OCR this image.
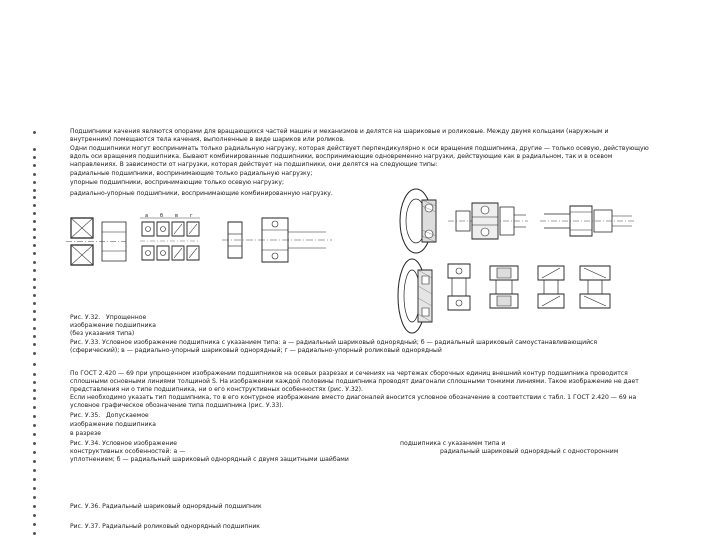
Подшипники качения являются опорами для вращающихся частей машин и механизмов и делятся на шариковые и роликовые. Между двумя кольцами (наружным и
внутренним) помещаются тела качения, выполненные в виде шариков или роликов.
Одни подшипники могут воспринимать только радиальную нагрузку, которая действует перпендикулярно к оси вращения подшипника, другие — только осевую, действующую
вдоль оси вращения подшипника. Бывают комбинированные подшипники, воспринимающие одновременно нагрузки, действующие как в радиальном, так и в осевом
направлениях. В зависимости от нагрузки, которая действует на подшипники, они делятся на следующие типы:
радиальные подшипники, воспринимающие только радиальную нагрузку;
упорные подшипники, воспринимающие только осевую нагрузку;
радиально-упорные подшипники, воспринимающие комбинированную нагрузку.
а б в г
Рис. У.32.   Упрощенное
изображение подшипника
(без указания типа)
Рис. У.33. Условное изображение подшипника с указанием типа: а — радиальный шариковый однорядный; б — радиальный шариковый самоустанавливающийся
(сферический); в — радиально-упорный шариковый однорядный; г — радиально-упорный роликовый однорядный
По ГОСТ 2.420 — 69 при упрощенном изображении подшипников на осевых разрезах и сечениях на чертежах сборочных единиц внешний контур подшипника проводится
сплошными основными линиями толщиной S. На изображении каждой половины подшипника проводят диагонали сплошными тонкими линиями. Такое изображение не дает
представления ни о типе подшипника, ни о его конструктивных особенностях (рис. У.32).
Если необходимо указать тип подшипника, то в его контурное изображение вместо диагоналей вносится условное обозначение в соответствии с табл. 1 ГОСТ 2.420 — 69 на
условное графическое обозначение типа подшипника (рис. У.33).
Рис. У.35.   Допускаемое
изображение подшипника
в разрезе
Рис. У.34. Условное изображение	подшипника с указанием типа и
конструктивных особенностей: а —	радиальный шариковый однорядный с односторонним
уплотнением; б — радиальный шариковый однорядный с двумя защитными шайбами
Рис. У.36. Радиальный шариковый однорядный подшипник
Рис. У.37. Радиальный роликовый однорядный подшипник
